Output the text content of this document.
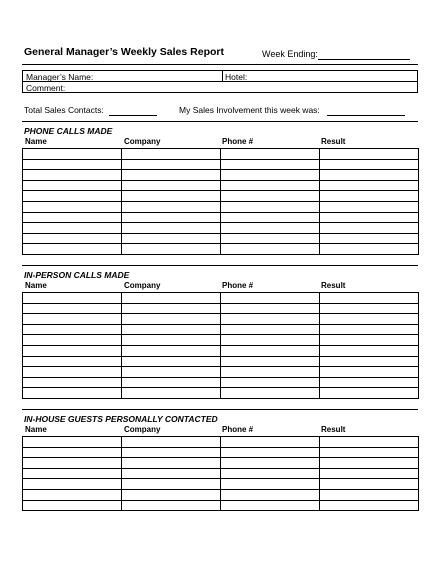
General Manager’s Weekly Sales Report	Week Ending:
Manager’s Name:	Hotel:
Comment:
Total Sales Contacts:	My Sales Involvement this week was:
PHONE CALLS MADE
Name	Company	Phone #	Result

IN-PERSON CALLS MADE
Name	Company	Phone #	Result

IN-HOUSE GUESTS PERSONALLY CONTACTED
Name	Company	Phone #	Result
